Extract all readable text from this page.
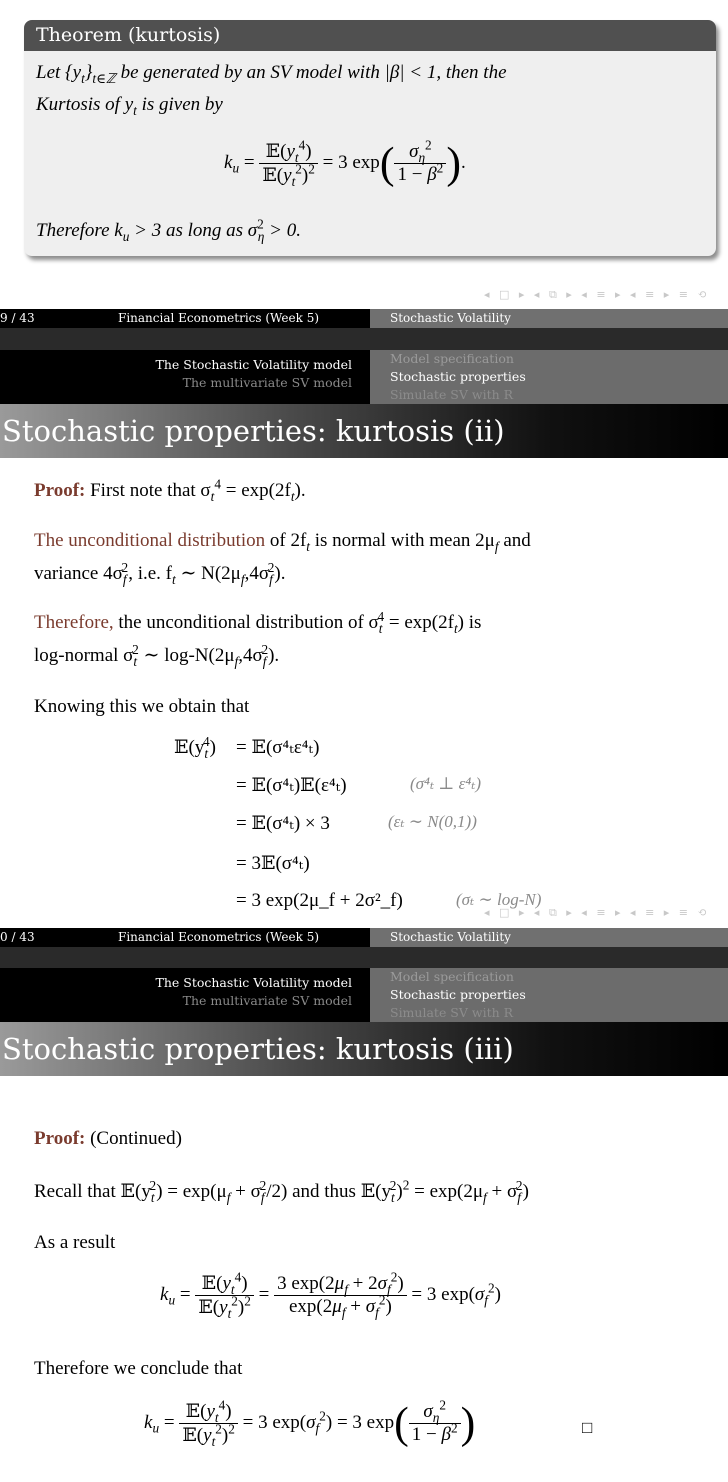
Theorem (kurtosis)
Let $\{y_t\}_{t\in ℤ}$ be generated by an SV model with |β| < 1, then the
Kurtosis of $y_t$ is given by
$k_u = \frac{𝔼(y_t^4)}{𝔼(y_t^2)^2} = 3$ $\exp( \frac{\sigma_\eta^2}{1 - \beta^2}$ ).
Therefore $k_u > 3$ as long as $\sigma^2_\eta > 0$.
◂ □ ▸ ◂ ⧉ ▸ ◂ ≡ ▸ ◂ ≡ ▸ ≡ ⟲
9 / 43	Financial Econometrics (Week 5)	Stochastic Volatility
The Stochastic Volatility model
The multivariate SV model
Model specification
Stochastic properties
Simulate SV with R
Stochastic properties: kurtosis (ii)
Proof: First note that $\sigma_t^4 = \exp(2f_t)$.
The unconditional distribution of $2f_t$ is normal with mean $2\mu_f$ and
variance $4\sigma_f^2$, i.e. $f_t$ ∼ $N(2\mu_f,4\sigma_f^2)$.
Therefore, the unconditional distribution of $\sigma_t^4 = \exp(2f_t)$ is
log-normal $\sigma_t^2$ ∼ $\log-N(2\mu_f,4\sigma_f^2)$.
Knowing this we obtain that
$𝔼(y_t^4)$ = 𝔼(σ⁴ₜε⁴ₜ)
= 𝔼(σ⁴ₜ)𝔼(ε⁴ₜ)	(σ⁴ₜ ⊥ ε⁴ₜ)
= 𝔼(σ⁴ₜ) × 3	(εₜ ∼ N(0,1))
= 3𝔼(σ⁴ₜ)
= 3 exp(2μ_f + 2σ²_f)	(σₜ ∼ log-N)
◂ □ ▸ ◂ ⧉ ▸ ◂ ≡ ▸ ◂ ≡ ▸ ≡ ⟲
0 / 43	Financial Econometrics (Week 5)	Stochastic Volatility
The Stochastic Volatility model
The multivariate SV model
Model specification
Stochastic properties
Simulate SV with R
Stochastic properties: kurtosis (iii)
Proof: (Continued)
Recall that $𝔼(y_t^2) = \exp(\mu_f + \sigma_f^2/2)$ and thus $𝔼(y_t^2)^2 = \exp(2\mu_f + \sigma_f^2)$
As a result
$k_u = \frac{𝔼(y_t^4)}{𝔼(y_t^2)^2} = \frac{3 \exp(2\mu_f + 2\sigma_f^2)}{\exp(2\mu_f + \sigma_f^2)} = 3$ $\exp(\sigma_f^2)$
Therefore we conclude that
$k_u = \frac{𝔼(y_t^4)}{𝔼(y_t^2)^2} = 3$ $\exp(\sigma_f^2) = 3$ $\exp( \frac{\sigma_\eta^2}{1 - \beta^2}$ )	□
